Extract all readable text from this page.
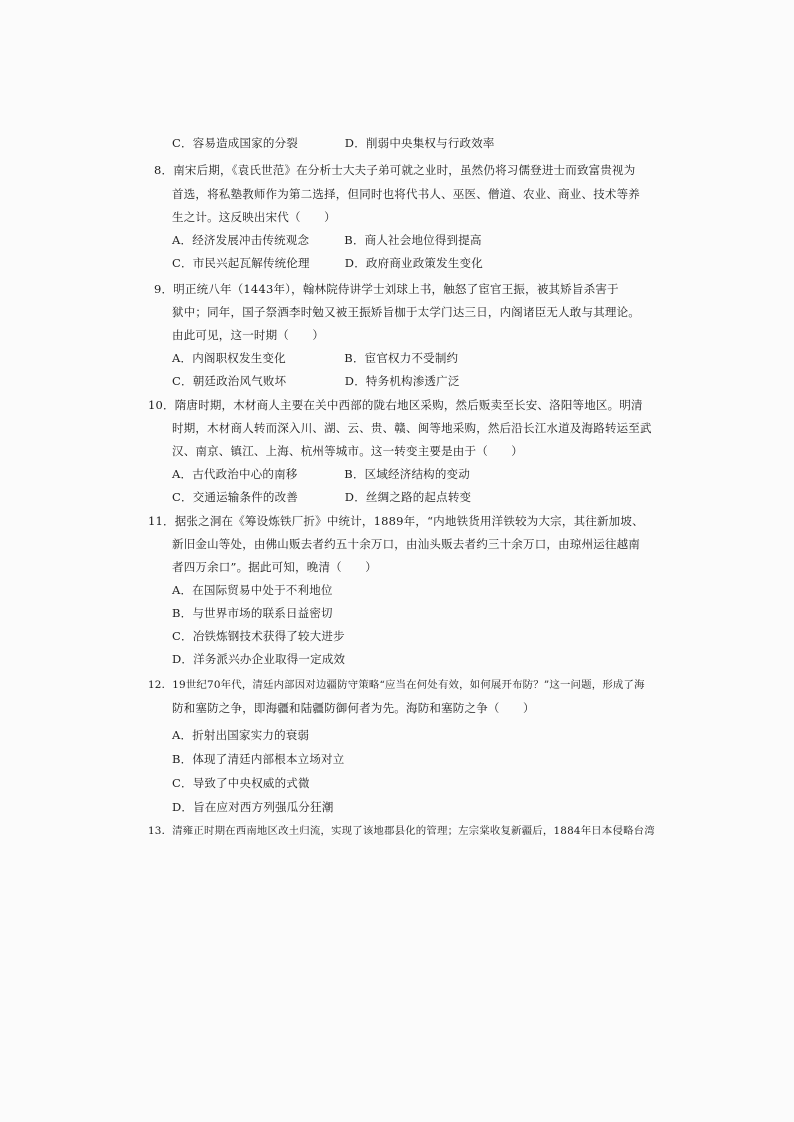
C．容易造成国家的分裂　　　　D．削弱中央集权与行政效率
8．南宋后期，《袁氏世范》在分析士大夫子弟可就之业时，虽然仍将习儒登进士而致富贵视为
首选，将私塾教师作为第二选择，但同时也将代书人、巫医、僧道、农业、商业、技术等养
生之计。这反映出宋代（　　）
A．经济发展冲击传统观念　　　B．商人社会地位得到提高
C．市民兴起瓦解传统伦理　　　D．政府商业政策发生变化
9．明正统八年（1443年），翰林院侍讲学士刘球上书，触怒了宦官王振，被其矫旨杀害于
狱中；同年，国子祭酒李时勉又被王振矫旨枷于太学门达三日，内阁诸臣无人敢与其理论。
由此可见，这一时期（　　）
A．内阁职权发生变化　　　　　B．宦官权力不受制约
C．朝廷政治风气败坏　　　　　D．特务机构渗透广泛
10．隋唐时期，木材商人主要在关中西部的陇右地区采购，然后贩卖至长安、洛阳等地区。明清
时期，木材商人转而深入川、湖、云、贵、赣、闽等地采购，然后沿长江水道及海路转运至武
汉、南京、镇江、上海、杭州等城市。这一转变主要是由于（　　）
A．古代政治中心的南移　　　　B．区域经济结构的变动
C．交通运输条件的改善　　　　D．丝绸之路的起点转变
11．据张之洞在《筹设炼铁厂折》中统计，1889年，“内地铁货用洋铁较为大宗，其往新加坡、
新旧金山等处，由佛山贩去者约五十余万口，由汕头贩去者约三十余万口，由琼州运往越南
者四万余口”。据此可知，晚清（　　）
A．在国际贸易中处于不利地位
B．与世界市场的联系日益密切
C．冶铁炼钢技术获得了较大进步
D．洋务派兴办企业取得一定成效
12．19世纪70年代，清廷内部因对边疆防守策略“应当在何处有效，如何展开布防？”这一问题，形成了海
防和塞防之争，即海疆和陆疆防御何者为先。海防和塞防之争（　　）
A．折射出国家实力的衰弱
B．体现了清廷内部根本立场对立
C．导致了中央权威的式微
D．旨在应对西方列强瓜分狂潮
13．清雍正时期在西南地区改土归流，实现了该地郡县化的管理；左宗棠收复新疆后，1884年日本侵略台湾
